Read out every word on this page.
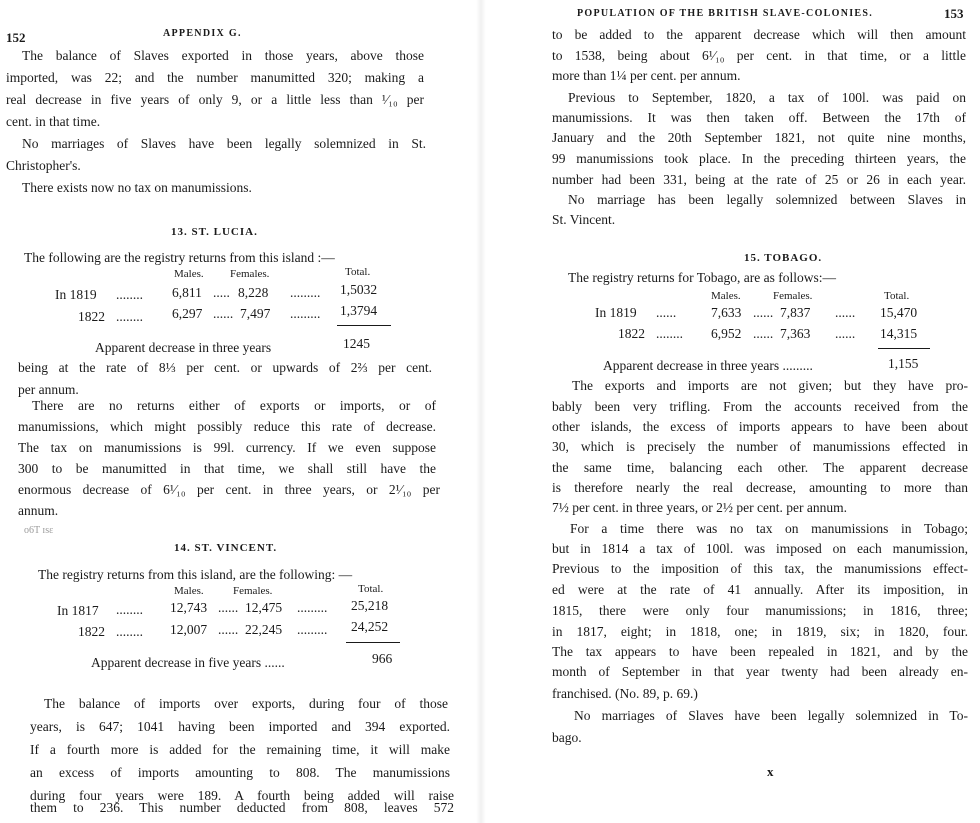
152	APPENDIX G.
The balance of Slaves exported in those years, above those
imported, was 22; and the number manumitted 320; making a
real decrease in five years of only 9, or a little less than ¹⁄₁₀ per
cent. in that time.
No marriages of Slaves have been legally solemnized in St.
Christopher's.
There exists now no tax on manumissions.
13. ST. LUCIA.
The following are the registry returns from this island :—
Males. Females.	Total.
In 1819 ........ 6,811 ..... 8,228 ......... 1,5032
1822 ........ 6,297 ...... 7,497 ......... 1,3794
Apparent decrease in three years	1245
being at the rate of 8⅓ per cent. or upwards of 2⅔ per cent.
per annum.
There are no returns either of exports or imports, or of
manumissions, which might possibly reduce this rate of decrease.
The tax on manumissions is 99l. currency. If we even suppose
300 to be manumitted in that time, we shall still have the
enormous decrease of 6¹⁄₁₀ per cent. in three years, or 2¹⁄₁₀ per
annum.
o6T ɪsɛ
14. ST. VINCENT.
The registry returns from this island, are the following: —
Males.	Females.	Total.
In 1817 ........ 12,743 ...... 12,475 ......... 25,218
1822 ........ 12,007 ...... 22,245 ......... 24,252
Apparent decrease in five years ......	966
The balance of imports over exports, during four of those
years, is 647; 1041 having been imported and 394 exported.
If a fourth more is added for the remaining time, it will make
an excess of imports amounting to 808. The manumissions
during four years were 189. A fourth being added will raise
them to 236. This number deducted from 808, leaves 572
POPULATION OF THE BRITISH SLAVE-COLONIES.	153
to be added to the apparent decrease which will then amount
to 1538, being about 6¹⁄₁₀ per cent. in that time, or a little
more than 1¼ per cent. per annum.
Previous to September, 1820, a tax of 100l. was paid on
manumissions. It was then taken off. Between the 17th of
January and the 20th September 1821, not quite nine months,
99 manumissions took place. In the preceding thirteen years, the
number had been 331, being at the rate of 25 or 26 in each year.
No marriage has been legally solemnized between Slaves in
St. Vincent.
15. TOBAGO.
The registry returns for Tobago, are as follows:—
Males.	Females.	Total.
In 1819 ......	7,633 ...... 7,837 ...... 15,470
1822 ........ 6,952 ...... 7,363 ...... 14,315
Apparent decrease in three years .........	1,155
The exports and imports are not given; but they have pro-
bably been very trifling. From the accounts received from the
other islands, the excess of imports appears to have been about
30, which is precisely the number of manumissions effected in
the same time, balancing each other. The apparent decrease
is therefore nearly the real decrease, amounting to more than
7½ per cent. in three years, or 2½ per cent. per annum.
For a time there was no tax on manumissions in Tobago;
but in 1814 a tax of 100l. was imposed on each manumission,
Previous to the imposition of this tax, the manumissions effect-
ed were at the rate of 41 annually. After its imposition, in
1815, there were only four manumissions; in 1816, three;
in 1817, eight; in 1818, one; in 1819, six; in 1820, four.
The tax appears to have been repealed in 1821, and by the
month of September in that year twenty had been already en-
franchised. (No. 89, p. 69.)
No marriages of Slaves have been legally solemnized in To-
bago.
x
